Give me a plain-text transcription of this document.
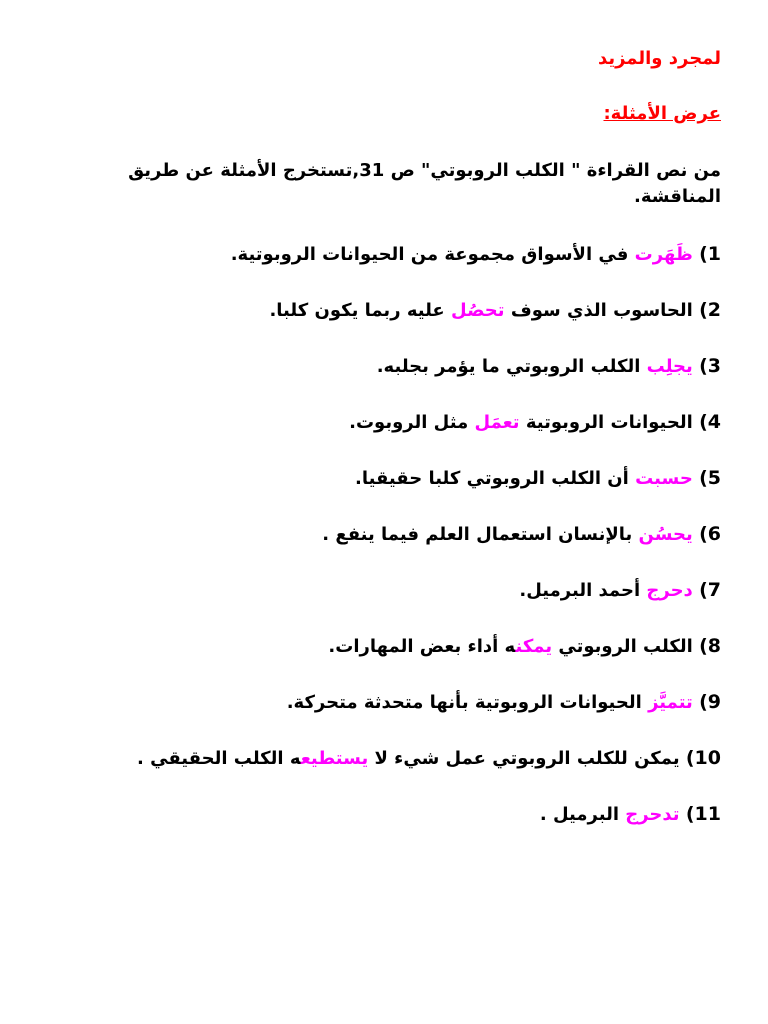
لمجرد والمزيد
عرض الأمثلة:
من نص القراءة " الكلب الروبوتي" ص 31,تستخرج الأمثلة عن طريق المناقشة.
1) ظَهَرت في الأسواق مجموعة من الحيوانات الروبوتية.
2) الحاسوب الذي سوف تحصُل عليه ربما يكون كلبا.
3) يجلِب الكلب الروبوتي ما يؤمر بجلبه.
4) الحيوانات الروبوتية تعمَل مثل الروبوت.
5) حسبت أن الكلب الروبوتي كلبا حقيقيا.
6) يحسُن بالإنسان استعمال العلم فيما ينفع .
7) دحرج أحمد البرميل.
8) الكلب الروبوتي يمكنه أداء بعض المهارات.
9) تتميَّز الحيوانات الروبوتية بأنها متحدثة متحركة.
10) يمكن للكلب الروبوتي عمل شيء لا يستطيعه الكلب الحقيقي .
11) تدحرج البرميل .
